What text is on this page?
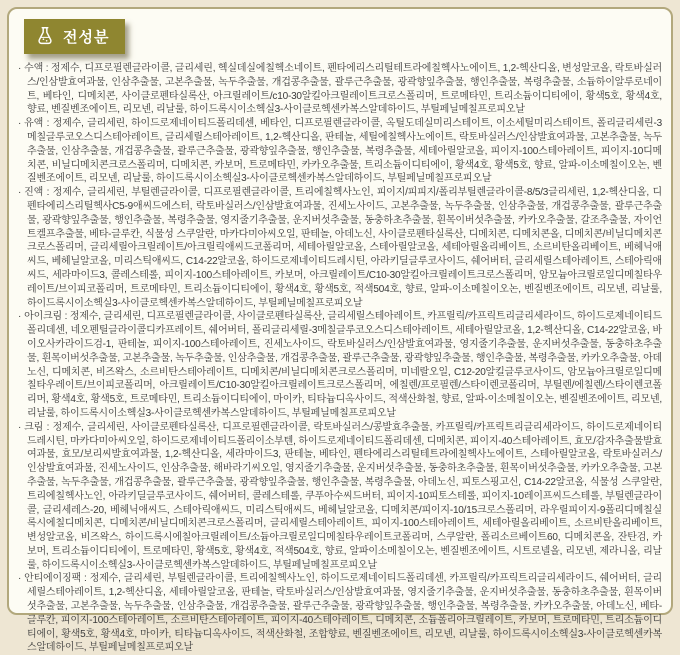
전성분

· 수액 : 정제수, 디프로필렌글라이콜, 글리세린, 헥실데실에칠헥소네이트, 펜타에리스리틸테트라에칠헥사노에이트, 1,2-헥산디올, 변성알코올, 락토바실러스/인삼발효여과물, 인삼추출물, 고본추출물, 녹두추출물, 개겁콩추출물, 괄루근추출물, 광곽향잎추출물, 행인추출물, 복령추출물, 소듐하이알루로네이트, 베타인, 디메치콘, 사이클로펜타실록산, 아크릴레이트/c10-30알킬아크릴레이트크로스폴리머, 트로메타민, 트리소듐이디티에이, 황색5호, 황색4호, 향료, 벤질벤조에이트, 리모넨, 리날룰, 하이드록시이소헥실3-사이클로헥센카복스알데하이드, 부틸페닐메칠프로피오날

· 유액 : 정제수, 글리세린, 하이드로제네이티드폴리데센, 베타인, 디프로필렌글라이콜, 옥틸도데실미리스테이트, 이소세틸미리스테이트, 폴리글리세린-3메칠글루코오스디스테아레이트, 글리세릴스테아레이트, 1,2-헥산디올, 판테놀, 세틸에칠헥사노에이트, 락토바실러스/인삼발효여과물, 고본추출물, 녹두추출물, 인삼추출물, 개겁콩추출물, 괄루근추출물, 광곽향잎추출물, 행인추출물, 복령추출물, 세테아릴알코올, 피이지-100스테아레이트, 피이지-10디메치콘, 비닐디메치콘크로스폴리머, 디메치콘, 카보머, 트로메타민, 카카오추출물, 트리소듐이디티에이, 황색4호, 황색5호, 향료, 알파-이소메칠이오논, 벤질벤조에이트, 리모넨, 리날룰, 하이드록시이소헥실3-사이클로헥센카복스알데하이드, 부틸페닐메칠프로피오날

· 진액 : 정제수, 글리세린, 부틸렌글라이콜, 디프로필렌글라이콜, 트리에칠헥사노인, 피이지/피피지/폴리부틸렌글라이콜-8/5/3글리세린, 1,2-헥산디올, 디펜타에리스리틸헥사C5-9애씨드에스터, 락토바실러스/인삼발효여과물, 진세노사이드, 고본추출물, 녹두추출물, 인삼추출물, 개겁콩추출물, 괄루근추출물, 광곽향잎추출물, 행인추출물, 복령추출물, 영지줄기추출물, 운지버섯추출물, 동충하초추출물, 흰목이버섯추출물, 카카오추출물, 갈조추출물, 자이언트켈프추출물, 베타-글루칸, 식물성 스쿠알란, 마카다미아씨오일, 판테놀, 아데노신, 사이클로펜타실록산, 디메치콘, 디메치콘올, 디메치콘/비닐디메치콘크로스폴리머, 글리세릴아크릴레이트/아크릴릭애씨드코폴리머, 세테아릴알코올, 스테아릴알코올, 세테아릴올리베이트, 소르비탄올리베이트, 베헤닉애씨드, 베헤닐알코올, 미리스틱애씨드, C14-22알코올, 하이드로제네이티드레시틴, 아라키딜글루코사이드, 쉐어버터, 글리세릴스테아레이트, 스테아릭애씨드, 세라마이드3, 콜레스테롤, 피이지-100스테아레이트, 카보머, 아크릴레이트/C10-30알킬아크릴레이트크로스폴리머, 암모늄아크릴로일디메칠타우레이트/브이피코폴리머, 트로메타민, 트리소듐이디티에이, 황색4호, 황색5호, 적색504호, 향료, 알파-이소메칠이오논, 벤질벤조에이트, 리모넨, 리날룰, 하이드록시이소헥실3-사이클로헥센카복스알데하이드, 부틸페닐메칠프로피오날

· 아이크림 : 정제수, 글리세린, 디프로필렌글라이콜, 사이클로펜타실록산, 글리세릴스테아레이트, 카프릴릭/카프릭트리글리세라이드, 하이드로제네이티드폴리데센, 네오펜틸글라이콜디카프레이트, 쉐어버터, 폴리글리세릴-3메칠글루코오스디스테아레이트, 세테아릴알코올, 1,2-헥산디올, C14-22알코올, 바이오사카라이드검-1, 판테놀, 피이지-100스테아레이트, 진세노사이드, 락토바실러스/인삼발효여과물, 영지줄기추출물, 운지버섯추출물, 동충하초추출물, 흰목이버섯추출물, 고본추출물, 녹두추출물, 인삼추출물, 개겁콩추출물, 괄루근추출물, 광곽향잎추출물, 행인추출물, 복령추출물, 카카오추출물, 아데노신, 디메치콘, 비즈왁스, 소르비탄스테아레이트, 디메치콘/비닐디메치콘크로스폴리머, 미네랄오일, C12-20알킬글루코사이드, 암모늄아크릴로일디메칠타우레이트/브이피코폴리머, 아크릴레이트/C10-30알킬아크릴레이트크로스폴리머, 에칠렌/프로필렌/스타이렌코폴리머, 부틸렌/에칠렌/스타이렌코폴리머, 황색4호, 황색5호, 트로메타민, 트리소듐이디티에이, 마이카, 티타늄디옥사이드, 적색산화철, 향료, 알파-이소메칠이오논, 벤질벤조에이트, 리모넨, 리날룰, 하이드록시이소헥실3-사이클로헥센카복스알데하이드, 부틸페닐메칠프로피오날

· 크림 : 정제수, 글리세린, 사이클로펜타실록산, 디프로필렌글라이콜, 락토바실러스/콩발효추출물, 카프릴릭/카프릭트리글리세라이드, 하이드로제네이티드레시틴, 마카다미아씨오일, 하이드로제네이티드폴리이소부텐, 하이드로제네이티드폴리데센, 디메치콘, 피이지-40스테아레이트, 효모/감자추출물발효여과물, 효모/보리씨발효여과물, 1,2-헥산디올, 세라마이드3, 판테놀, 베타인, 펜타에리스리틸테트라에칠헥사노에이트, 스테아릴알코올, 락토바실러스/인삼발효여과물, 진세노사이드, 인삼추출물, 해바라기씨오일, 영지줄기추출물, 운지버섯추출물, 동충하초추출물, 흰목이버섯추출물, 카카오추출물, 고본추출물, 녹두추출물, 개겁콩추출물, 괄루근추출물, 광곽향잎추출물, 행인추출물, 복령추출물, 아데노신, 피토스핑고신, C14-22알코올, 식물성 스쿠알란, 트리에칠헥사노인, 아라키딜글루코사이드, 쉐어버터, 콜레스테롤, 쿠푸아수씨드버터, 피이지-10피토스테롤, 피이지-10레이프씨드스테롤, 부틸렌글라이콜, 글리세레스-20, 베헤닉애씨드, 스테아릭애씨드, 미리스틱애씨드, 베헤닐알코올, 디메치콘/피이지-10/15크로스폴리머, 라우릴피이지-9폴리디메칠실록시에칠디메치콘, 디메치콘/비닐디메치콘크로스폴리머, 글리세릴스테아레이트, 피이지-100스테아레이트, 세테아릴올리베이트, 소르비탄올리베이트, 변성알코올, 비즈왁스, 하이드록시에칠아크릴레이트/소듐아크릴로일디메칠타우레이트코폴리머, 스쿠알란, 폴리소르베이트60, 디메치콘올, 잔탄검, 카보머, 트리소듐이디티에이, 트로메타민, 황색5호, 황색4호, 적색504호, 향료, 알파이소메칠이오논, 벤질벤조에이트, 시트로넬올, 리모넨, 제라니올, 리날룰, 하이드록시이소헥실3-사이클로헥센카복스알데하이드, 부틸페닐메칠프로피오날

· 안티에이징팩 : 정제수, 글리세린, 부틸렌글라이콜, 트리에칠헥사노인, 하이드로제네이티드폴리데센, 카프릴릭/카프릭트리글리세라이드, 쉐어버터, 글리세릴스테아레이트, 1,2-헥산디올, 세테아릴알코올, 판테놀, 락토바실러스/인삼발효여과물, 영지줄기추출물, 운지버섯추출물, 동충하초추출물, 흰목이버섯추출물, 고본추출물, 녹두추출물, 인삼추출물, 개겁콩추출물, 괄루근추출물, 광곽향잎추출물, 행인추출물, 복령추출물, 카카오추출물, 아데노신, 베타-글루칸, 피이지-100스테아레이트, 소르비탄스테아레이트, 피이지-40스테아레이트, 디메치콘, 소듐폴리아크릴레이트, 카보머, 트로메타민, 트리소듐이디티에이, 황색5호, 황색4호, 마이카, 티타늄디옥사이드, 적색산화철, 조합향료, 벤질벤조에이트, 리모넨, 리날룰, 하이드록시이소헥실3-사이클로헥센카복스알데하이드, 부틸페닐메칠프로피오날
